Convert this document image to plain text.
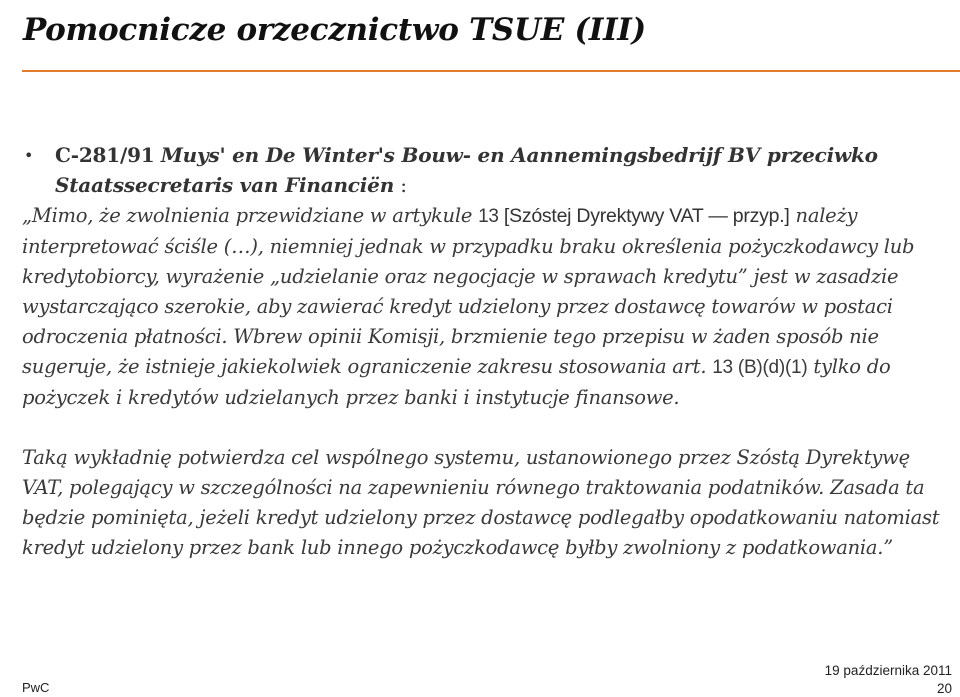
Pomocnicze orzecznictwo TSUE (III)
• C-281/91 Muys' en De Winter's Bouw- en Aannemingsbedrijf BV przeciwko Staatssecretaris van Financiën :

„Mimo, że zwolnienia przewidziane w artykule 13 [Szóstej Dyrektywy VAT — przyp.] należy interpretować ściśle (…), niemniej jednak w przypadku braku określenia pożyczkodawcy lub kredytobiorcy, wyrażenie „udzielanie oraz negocjacje w sprawach kredytu” jest w zasadzie wystarczająco szerokie, aby zawierać kredyt udzielony przez dostawcę towarów w postaci odroczenia płatności. Wbrew opinii Komisji, brzmienie tego przepisu w żaden sposób nie sugeruje, że istnieje jakiekolwiek ograniczenie zakresu stosowania art. 13 (B)(d)(1) tylko do pożyczek i kredytów udzielanych przez banki i instytucje finansowe.

Taką wykładnię potwierdza cel wspólnego systemu, ustanowionego przez Szóstą Dyrektywę VAT, polegający w szczególności na zapewnieniu równego traktowania podatników. Zasada ta będzie pominięta, jeżeli kredyt udzielony przez dostawcę podlegałby opodatkowaniu natomiast kredyt udzielony przez bank lub innego pożyczkodawcę byłby zwolniony z podatkowania.”

PwC
19 października 2011
20
